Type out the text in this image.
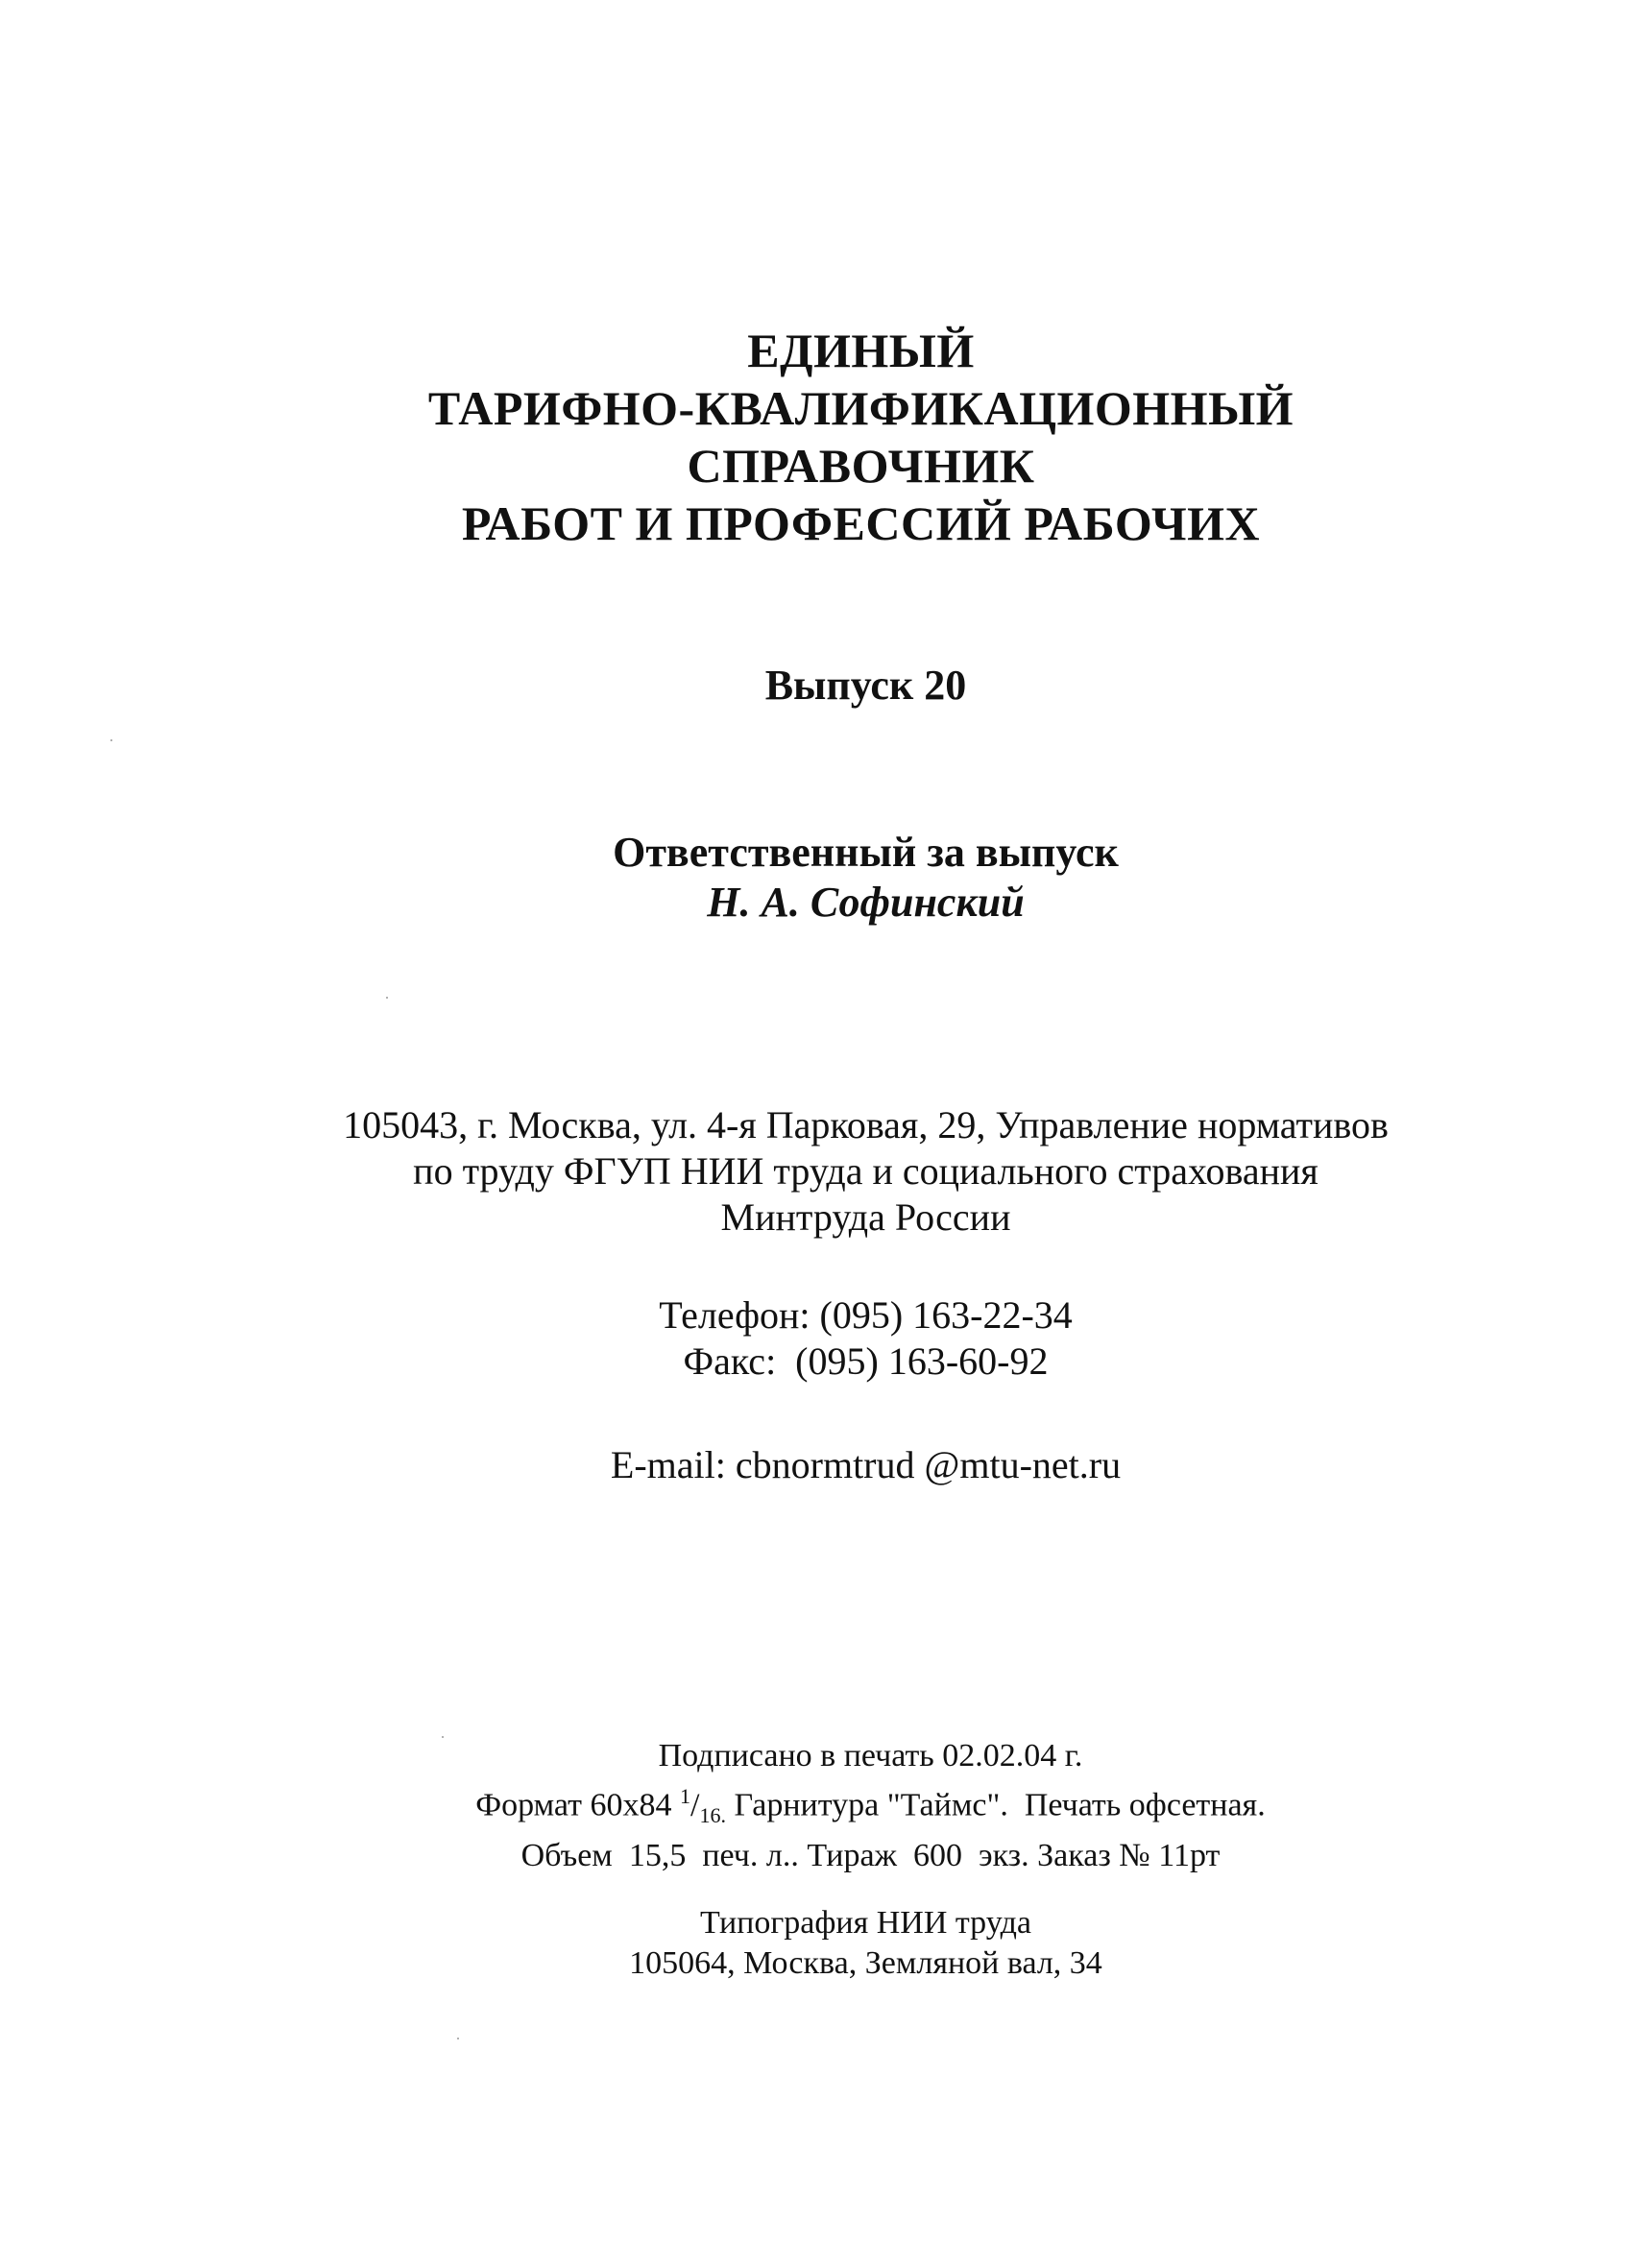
ЕДИНЫЙ
ТАРИФНО-КВАЛИФИКАЦИОННЫЙ
СПРАВОЧНИК
РАБОТ И ПРОФЕССИЙ РАБОЧИХ
Выпуск 20
Ответственный за выпуск
Н. А. Софинский
105043, г. Москва, ул. 4-я Парковая, 29, Управление нормативов
по труду ФГУП НИИ труда и социального страхования
Минтруда России
Телефон: (095) 163-22-34
Факс:  (095) 163-60-92
E-mail: cbnormtrud @mtu-net.ru
Подписано в печать 02.02.04 г.
Формат 60х84 $^1/_{16.}$ Гарнитура "Таймс".  Печать офсетная.
Объем  15,5  печ. л.. Тираж  600  экз. Заказ № 11рт
Типография НИИ труда
105064, Москва, Земляной вал, 34
